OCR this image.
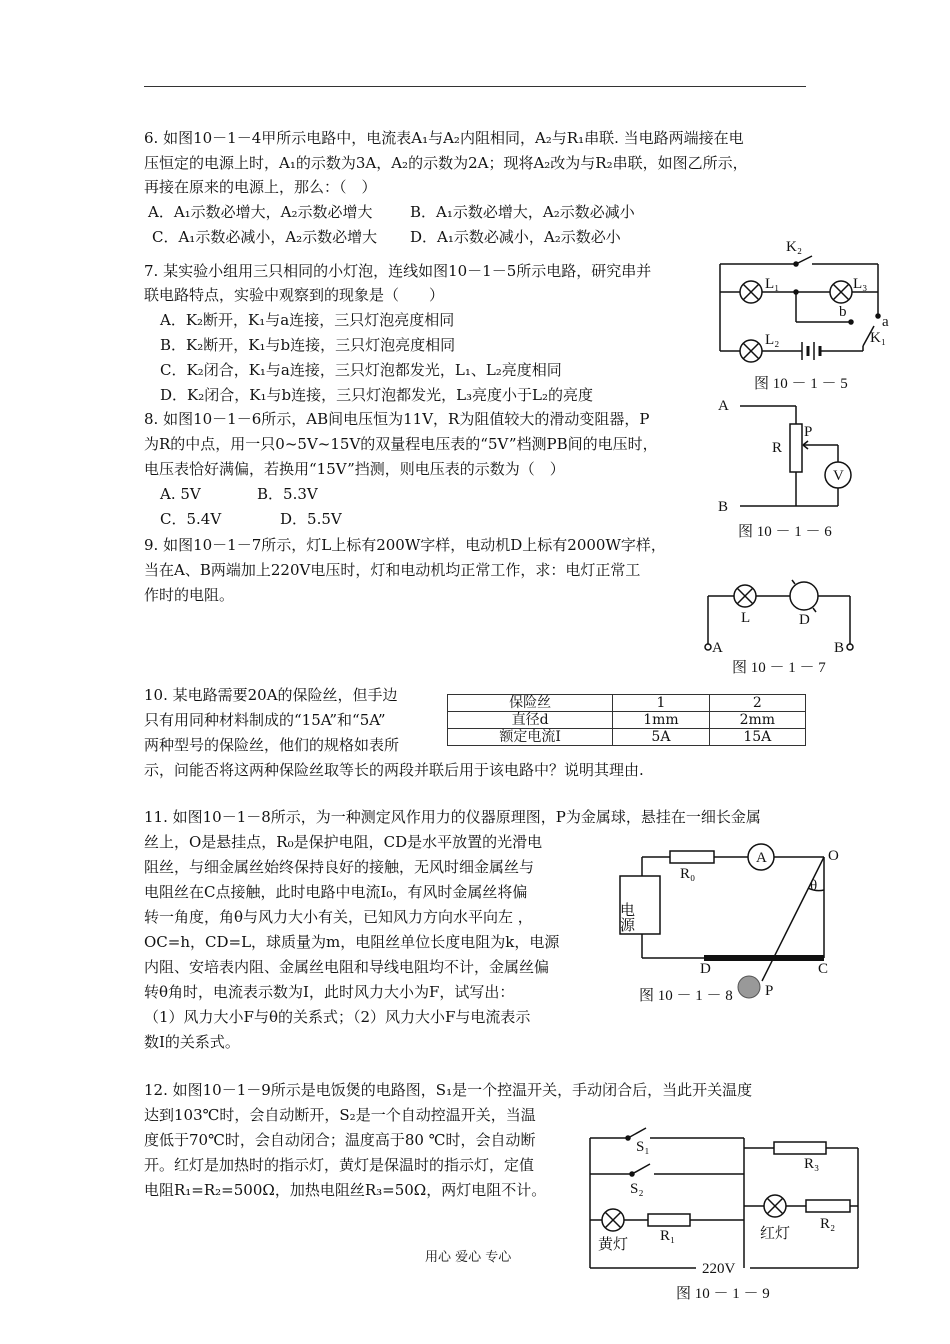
6. 如图10－1－4甲所示电路中，电流表A₁与A₂内阻相同，A₂与R₁串联. 当电路两端接在电
压恒定的电源上时，A₁的示数为3A，A₂的示数为2A；现将A₂改为与R₂串联，如图乙所示，
再接在原来的电源上，那么：（　）
A．A₁示数必增大，A₂示数必增大 B．A₁示数必增大，A₂示数必减小
C．A₁示数必减小，A₂示数必增大 D．A₁示数必减小，A₂示数必小
7. 某实验小组用三只相同的小灯泡，连线如图10－1－5所示电路，研究串并
联电路特点，实验中观察到的现象是（　　）
A．K₂断开，K₁与a连接，三只灯泡亮度相同
B．K₂断开，K₁与b连接，三只灯泡亮度相同
C．K₂闭合，K₁与a连接，三只灯泡都发光，L₁、L₂亮度相同
D．K₂闭合，K₁与b连接，三只灯泡都发光，L₃亮度小于L₂的亮度
K₂
L₁	L₃
b
a
K₁
L₂
图 10 － 1 － 5
8. 如图10－1－6所示，AB间电压恒为11V，R为阻值较大的滑动变阻器，P
为R的中点，用一只0~5V~15V的双量程电压表的“5V”档测PB间的电压时，
电压表恰好满偏，若换用“15V”挡测，则电压表的示数为（　）
A. 5V	B．5.3V
C．5.4V	D．5.5V
A
B
R
P
V
图 10 － 1 － 6
9. 如图10－1－7所示，灯L上标有200W字样，电动机D上标有2000W字样，
当在A、B两端加上220V电压时，灯和电动机均正常工作，求：电灯正常工
作时的电阻。
L	D
A	B
图 10 － 1 － 7
10. 某电路需要20A的保险丝，但手边
只有用同种材料制成的“15A”和“5A”
两种型号的保险丝，他们的规格如表所
示，问能否将这两种保险丝取等长的两段并联后用于该电路中？说明其理由.
保险丝	1	2
直径d	1mm	2mm
额定电流I	5A	15A
11. 如图10－1－8所示，为一种测定风作用力的仪器原理图，P为金属球，悬挂在一细长金属
丝上，O是悬挂点，R₀是保护电阻，CD是水平放置的光滑电
阻丝，与细金属丝始终保持良好的接触，无风时细金属丝与
电阻丝在C点接触，此时电路中电流I₀，有风时金属丝将偏
转一角度，角θ与风力大小有关，已知风力方向水平向左 ，
OC=h，CD=L，球质量为m，电阻丝单位长度电阻为k，电源
内阻、安培表内阻、金属丝电阻和导线电阻均不计，金属丝偏
转θ角时，电流表示数为I，此时风力大小为F，试写出：
（1）风力大小F与θ的关系式；（2）风力大小F与电流表示
数I的关系式。
R₀
A	O
θ
电源
D	C
P
图 10 － 1 － 8
12. 如图10－1－9所示是电饭煲的电路图，S₁是一个控温开关，手动闭合后，当此开关温度
达到103℃时，会自动断开，S₂是一个自动控温开关，当温
度低于70℃时，会自动闭合；温度高于80 ℃时，会自动断
开。红灯是加热时的指示灯，黄灯是保温时的指示灯，定值
电阻R₁=R₂=500Ω，加热电阻丝R₃=50Ω，两灯电阻不计。
S₁
S₂
R₃
黄灯
R₁	红灯
R₂
220V
图 10 － 1 － 9
用心 爱心 专心
